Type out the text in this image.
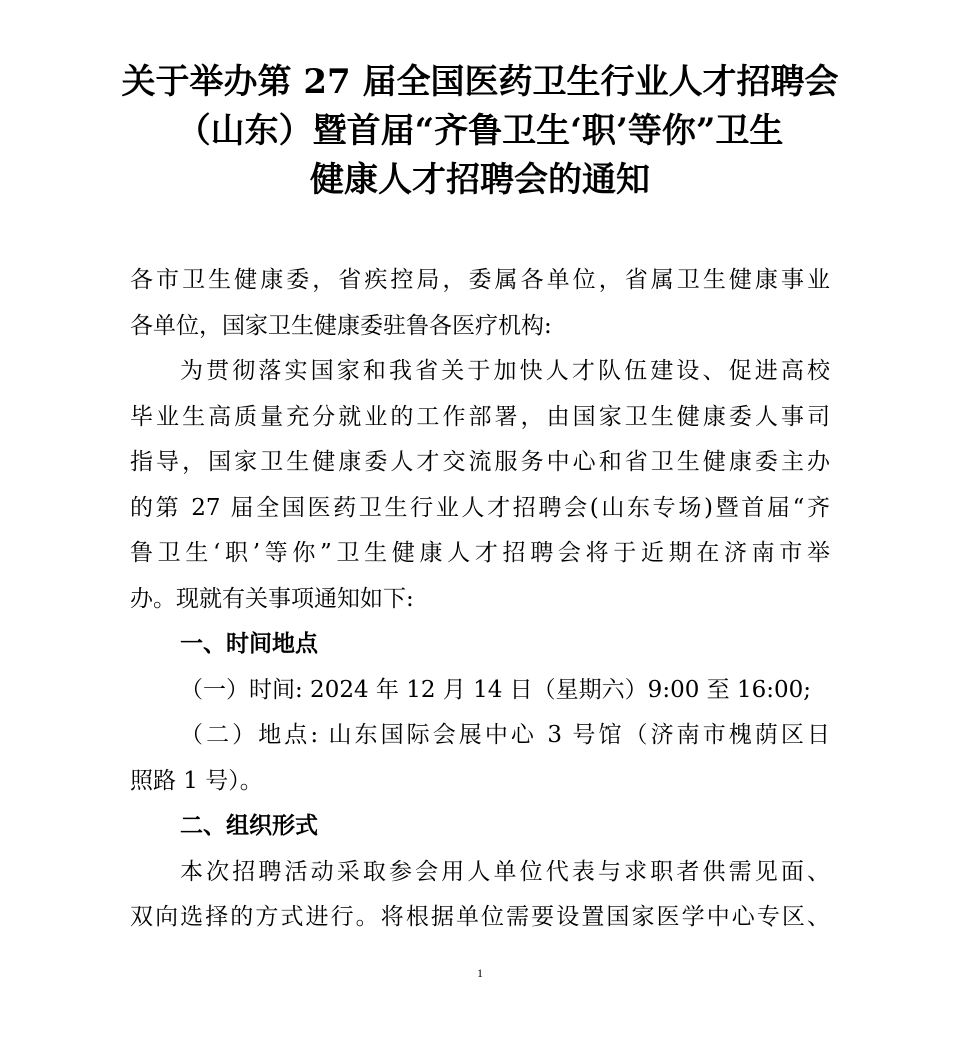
关于举办第 27 届全国医药卫生行业人才招聘会
（山东）暨首届“齐鲁卫生‘职’等你”卫生
健康人才招聘会的通知
各市卫生健康委，省疾控局，委属各单位，省属卫生健康事业
各单位，国家卫生健康委驻鲁各医疗机构:
为贯彻落实国家和我省关于加快人才队伍建设、促进高校
毕业生高质量充分就业的工作部署，由国家卫生健康委人事司
指导，国家卫生健康委人才交流服务中心和省卫生健康委主办
的第 27 届全国医药卫生行业人才招聘会(山东专场)暨首届“齐
鲁卫生‘职’等你”卫生健康人才招聘会将于近期在济南市举
办。现就有关事项通知如下:
一、时间地点
（一）时间: 2024 年 12 月 14 日（星期六）9:00 至 16:00;
（二）地点: 山东国际会展中心 3 号馆（济南市槐荫区日
照路 1 号）。
二、组织形式
本次招聘活动采取参会用人单位代表与求职者供需见面、
双向选择的方式进行。将根据单位需要设置国家医学中心专区、
1
